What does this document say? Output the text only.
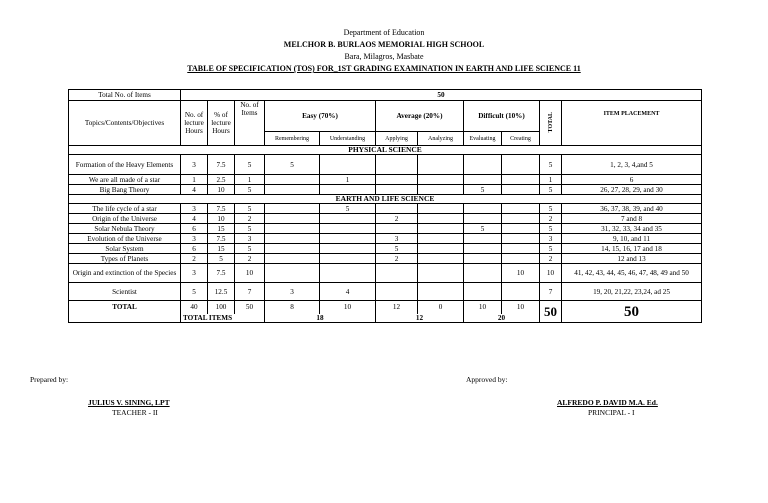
Department of Education
MELCHOR B. BURLAOS MEMORIAL HIGH SCHOOL
Bara, Milagros, Masbate
TABLE OF SPECIFICATION (TOS) FOR_1ST GRADING EXAMINATION IN EARTH AND LIFE SCIENCE 11
Total No. of Items	50										
Topics/Contents/Objectives	No. of lecture Hours	% of lecture Hours	No. of Items	Easy (70%)		Average (20%)		Difficult (10%)		TOTAL	ITEM PLACEMENT
				Remembering	Understanding	Applying	Analyzing	Evaluating	Creating		
PHYSICAL SCIENCE											
Formation of the Heavy Elements	3	7.5	5	5						5	1, 2, 3, 4,and 5
We are all made of a star	1	2.5	1		1					1	6
Big Bang Theory	4	10	5					5		5	26, 27, 28, 29, and 30
EARTH AND LIFE SCIENCE											
The life cycle of a star	3	7.5	5		5					5	36, 37, 38, 39, and 40
Origin of the Universe	4	10	2			2				2	7 and 8
Solar Nebula Theory	6	15	5					5		5	31, 32, 33, 34 and 35
Evolution of the Universe	3	7.5	3			3				3	9, 10, and 11
Solar System	6	15	5			5				5	14, 15, 16, 17 and 18
Types of Planets	2	5	2			2				2	12 and 13
Origin and extinction of the Species	3	7.5	10						10	10	41, 42, 43, 44, 45, 46, 47, 48, 49 and 50
Scientist	5	12.5	7	3	4					7	19, 20, 21,22, 23,24, ad 25
TOTAL	40	100	50	8	10	12	0	10	10	50	50
	TOTAL ITEMS			18		12		20			
Prepared by:
JULIUS V. SINING, LPT
TEACHER - II
Approved by:
ALFREDO P. DAVID M.A. Ed.
PRINCIPAL - I
